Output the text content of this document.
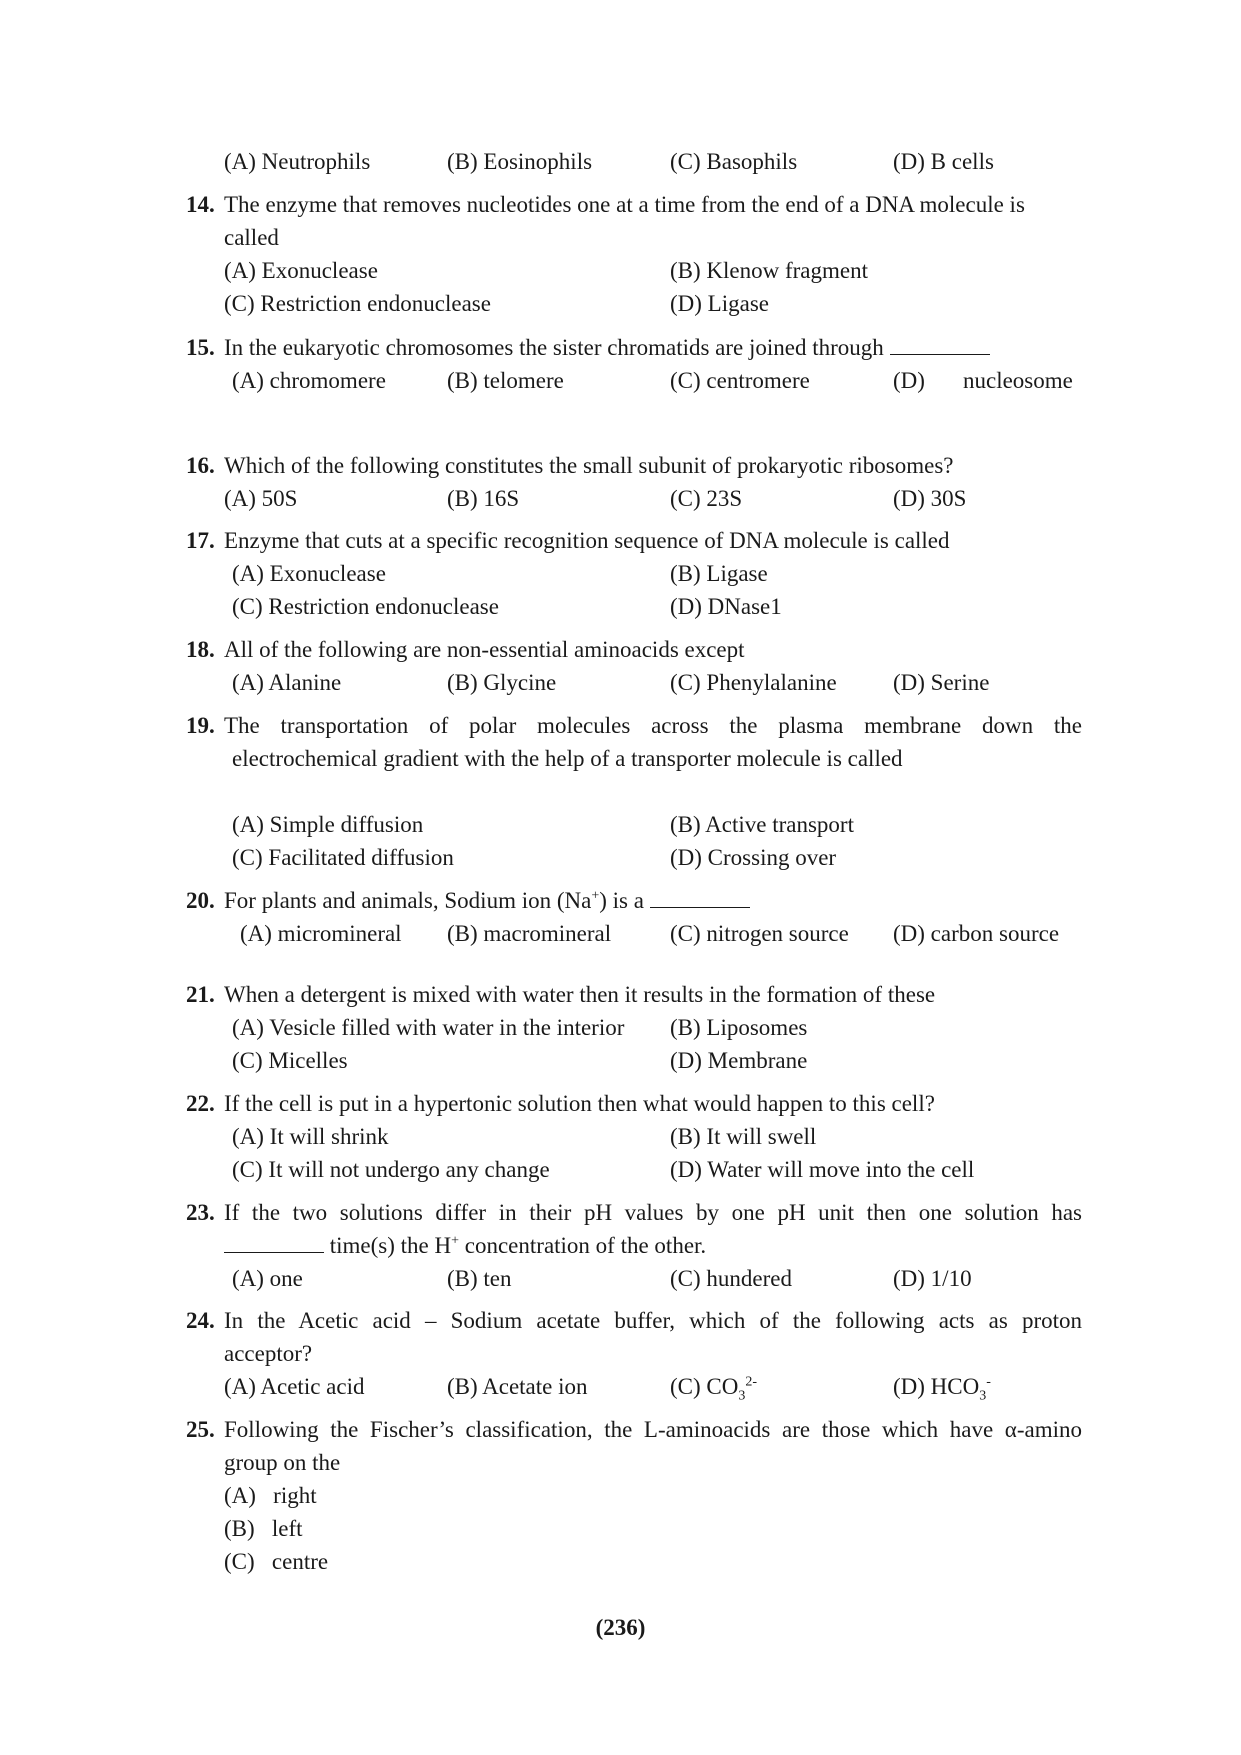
(A) Neutrophils	(B) Eosinophils	(C) Basophils	(D) B cells
14. The enzyme that removes nucleotides one at a time from the end of a DNA molecule is
called
(A) Exonuclease	(B) Klenow fragment
(C) Restriction endonuclease	(D) Ligase
15. In the eukaryotic chromosomes the sister chromatids are joined through
(A) chromomere	(B) telomere	(C) centromere	(D) nucleosome
16. Which of the following constitutes the small subunit of prokaryotic ribosomes?
(A) 50S	(B) 16S	(C) 23S	(D) 30S
17. Enzyme that cuts at a specific recognition sequence of DNA molecule is called
(A) Exonuclease	(B) Ligase
(C) Restriction endonuclease	(D) DNase1
18. All of the following are non-essential aminoacids except
(A) Alanine	(B) Glycine	(C) Phenylalanine (D) Serine
19. The transportation of polar molecules across the plasma membrane down the
electrochemical gradient with the help of a transporter molecule is called
(A) Simple diffusion	(B) Active transport
(C) Facilitated diffusion	(D) Crossing over
20. For plants and animals, Sodium ion (Na+) is a
(A) micromineral (B) macromineral	(C) nitrogen source (D) carbon source
21. When a detergent is mixed with water then it results in the formation of these
(A) Vesicle filled with water in the interior (B) Liposomes
(C) Micelles	(D) Membrane
22. If the cell is put in a hypertonic solution then what would happen to this cell?
(A) It will shrink	(B) It will swell
(C) It will not undergo any change	(D) Water will move into the cell
23. If the two solutions differ in their pH values by one pH unit then one solution has
time(s) the H+ concentration of the other.
(A) one	(B) ten	(C) hundered	(D) 1/10
24. In the Acetic acid – Sodium acetate buffer, which of the following acts as proton
acceptor?
(A) Acetic acid	(B) Acetate ion	(C) $CO_3^{2-}$	(D) $HCO_3^-$
25. Following the Fischer’s classification, the L-aminoacids are those which have α-amino
group on the
(A)   right
(B)   left
(C)   centre
(236)
